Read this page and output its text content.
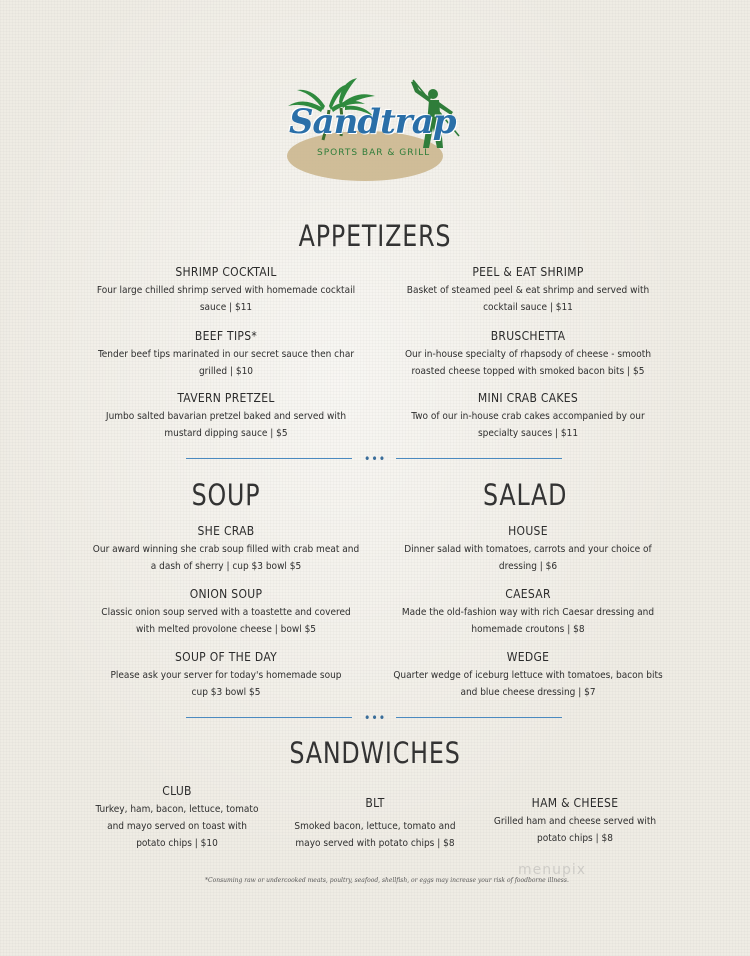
Sandtrap
SPORTS BAR & GRILL
APPETIZERS
SHRIMP COCKTAIL
Four large chilled shrimp served with homemade cocktail
sauce | $11
PEEL & EAT SHRIMP
Basket of steamed peel & eat shrimp and served with
cocktail sauce | $11
BEEF TIPS*
Tender beef tips marinated in our secret sauce then char
grilled | $10
BRUSCHETTA
Our in-house specialty of rhapsody of cheese - smooth
roasted cheese topped with smoked bacon bits | $5
TAVERN PRETZEL
Jumbo salted bavarian pretzel baked and served with
mustard dipping sauce | $5
MINI CRAB CAKES
Two of our in-house crab cakes accompanied by our
specialty sauces | $11
•••
SOUP	SALAD
SHE CRAB
Our award winning she crab soup filled with crab meat and
a dash of sherry | cup $3 bowl $5
HOUSE
Dinner salad with tomatoes, carrots and your choice of
dressing | $6
ONION SOUP
Classic onion soup served with a toastette and covered
with melted provolone cheese | bowl $5
CAESAR
Made the old-fashion way with rich Caesar dressing and
homemade croutons | $8
SOUP OF THE DAY
Please ask your server for today's homemade soup
cup $3 bowl $5
WEDGE
Quarter wedge of iceburg lettuce with tomatoes, bacon bits
and blue cheese dressing | $7
•••
SANDWICHES
CLUB
Turkey, ham, bacon, lettuce, tomato
and mayo served on toast with
potato chips | $10
BLT
Smoked bacon, lettuce, tomato and
mayo served with potato chips | $8
HAM & CHEESE
Grilled ham and cheese served with
potato chips | $8
menupix
*Consuming raw or undercooked meats, poultry, seafood, shellfish, or eggs may increase your risk of foodborne illness.
